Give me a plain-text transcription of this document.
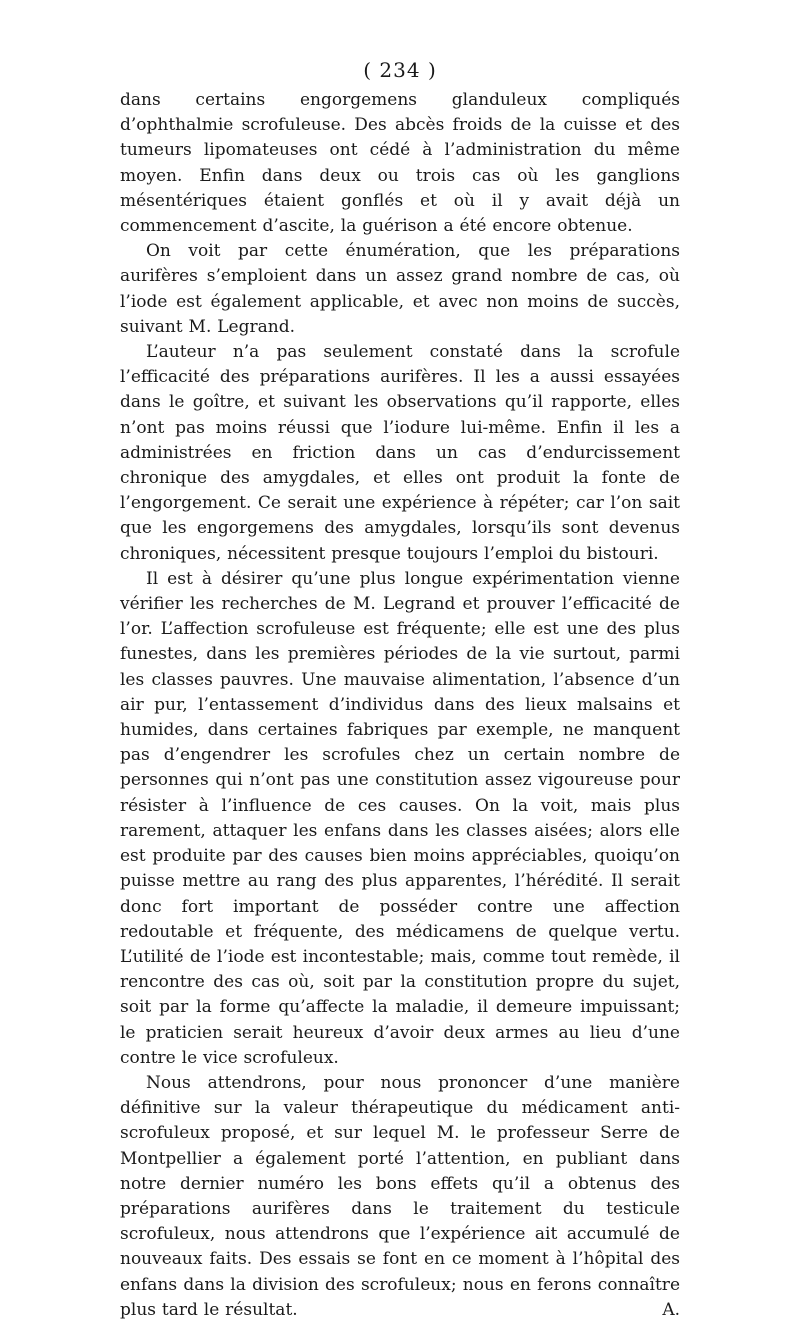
( 234 )

dans certains engorgemens glanduleux compliqués d’ophthalmie scrofuleuse. Des abcès froids de la cuisse et des tumeurs lipomateuses ont cédé à l’administration du même moyen. Enfin dans deux ou trois cas où les ganglions mésentériques étaient gonflés et où il y avait déjà un commencement d’ascite, la guérison a été encore obtenue.

On voit par cette énumération, que les préparations aurifères s’emploient dans un assez grand nombre de cas, où l’iode est également applicable, et avec non moins de succès, suivant M. Legrand.

L’auteur n’a pas seulement constaté dans la scrofule l’efficacité des préparations aurifères. Il les a aussi essayées dans le goître, et suivant les observations qu’il rapporte, elles n’ont pas moins réussi que l’iodure lui-même. Enfin il les a administrées en friction dans un cas d’endurcissement chronique des amygdales, et elles ont produit la fonte de l’engorgement. Ce serait une expérience à répéter; car l’on sait que les engorgemens des amygdales, lorsqu’ils sont devenus chroniques, nécessitent presque toujours l’emploi du bistouri.

Il est à désirer qu’une plus longue expérimentation vienne vérifier les recherches de M. Legrand et prouver l’efficacité de l’or. L’affection scrofuleuse est fréquente; elle est une des plus funestes, dans les premières périodes de la vie surtout, parmi les classes pauvres. Une mauvaise alimentation, l’absence d’un air pur, l’entassement d’individus dans des lieux malsains et humides, dans certaines fabriques par exemple, ne manquent pas d’engendrer les scrofules chez un certain nombre de personnes qui n’ont pas une constitution assez vigoureuse pour résister à l’influence de ces causes. On la voit, mais plus rarement, attaquer les enfans dans les classes aisées; alors elle est produite par des causes bien moins appréciables, quoiqu’on puisse mettre au rang des plus apparentes, l’hérédité. Il serait donc fort important de posséder contre une affection redoutable et fréquente, des médicamens de quelque vertu. L’utilité de l’iode est incontestable; mais, comme tout remède, il rencontre des cas où, soit par la constitution propre du sujet, soit par la forme qu’affecte la maladie, il demeure impuissant; le praticien serait heureux d’avoir deux armes au lieu d’une contre le vice scrofuleux.

Nous attendrons, pour nous prononcer d’une manière définitive sur la valeur thérapeutique du médicament anti-scrofuleux proposé, et sur lequel M. le professeur Serre de Montpellier a également porté l’attention, en publiant dans notre dernier numéro les bons effets qu’il a obtenus des préparations aurifères dans le traitement du testicule scrofuleux, nous attendrons que l’expérience ait accumulé de nouveaux faits. Des essais se font en ce moment à l’hôpital des enfans dans la division des scrofuleux; nous en ferons connaître plus tard le résultat.	A.
